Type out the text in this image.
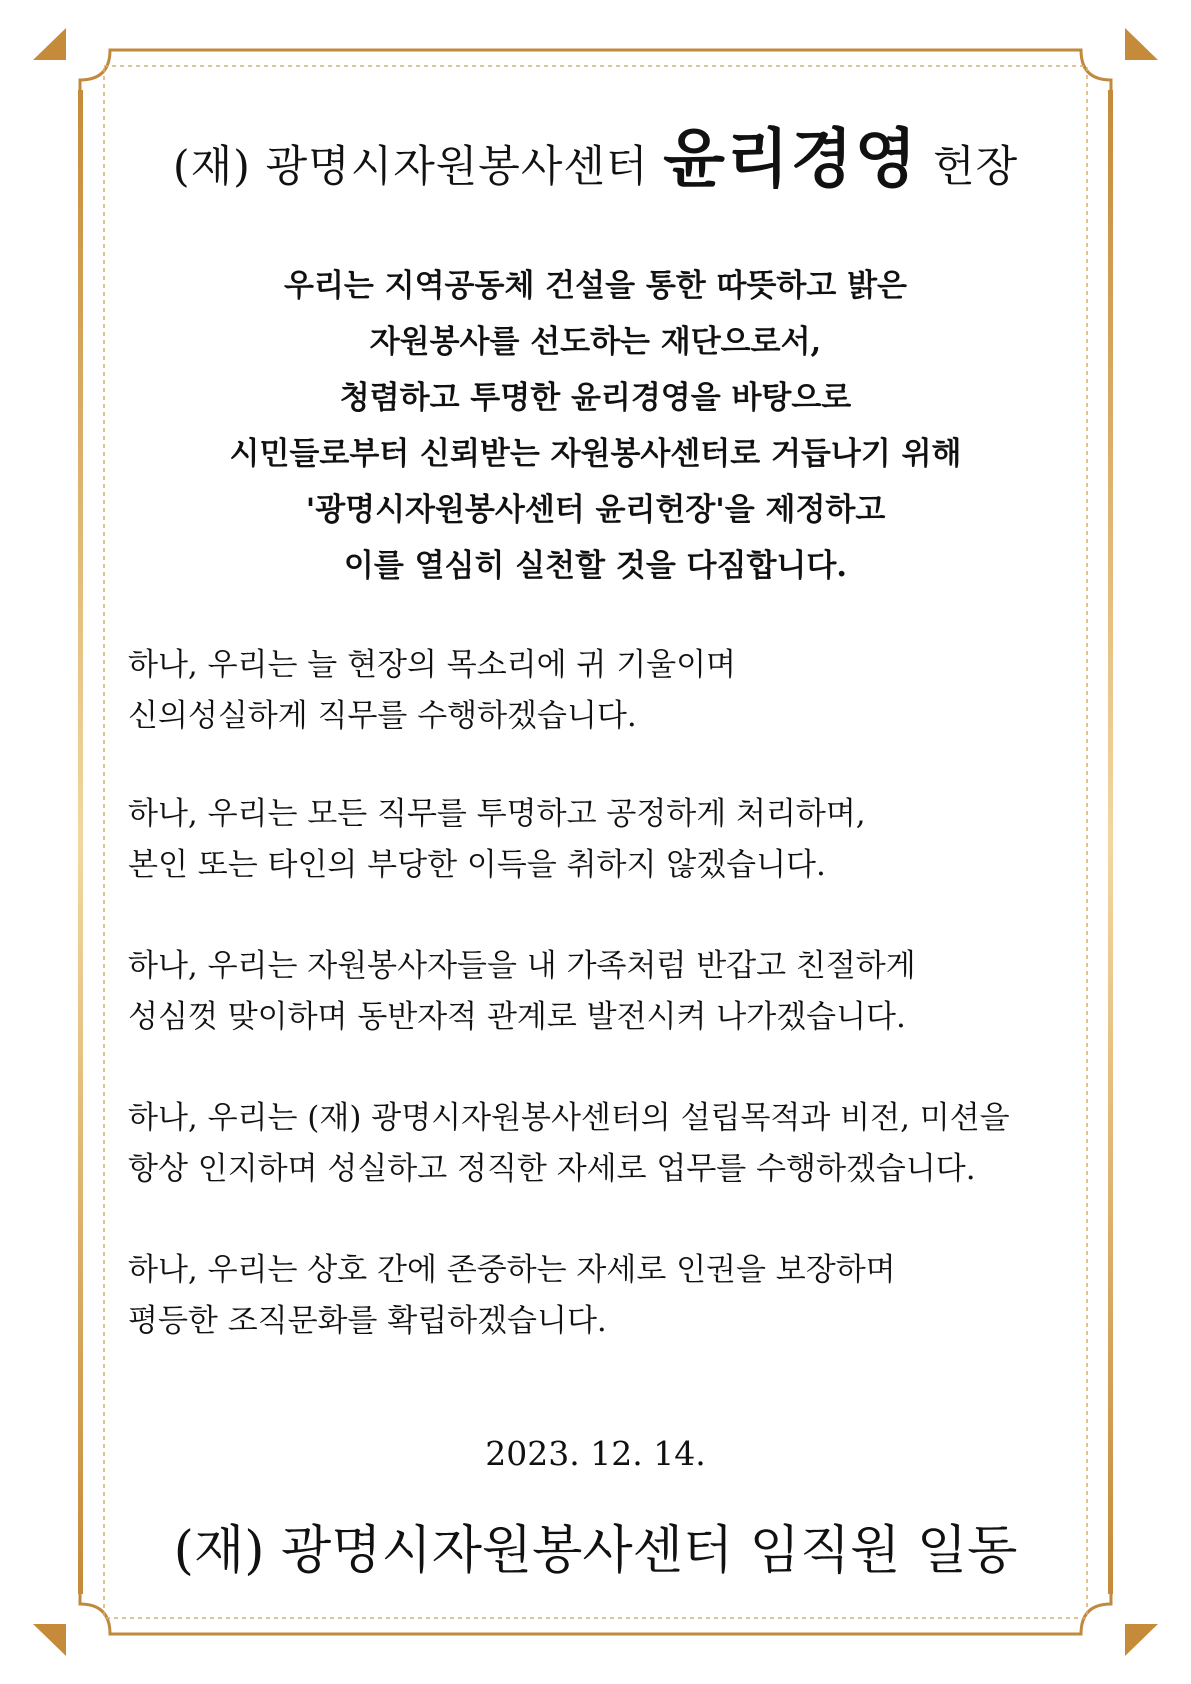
(재) 광명시자원봉사센터 윤리경영 헌장
우리는 지역공동체 건설을 통한 따뜻하고 밝은
자원봉사를 선도하는 재단으로서,
청렴하고 투명한 윤리경영을 바탕으로
시민들로부터 신뢰받는 자원봉사센터로 거듭나기 위해
'광명시자원봉사센터 윤리헌장'을 제정하고
이를 열심히 실천할 것을 다짐합니다.
하나, 우리는 늘 현장의 목소리에 귀 기울이며
신의성실하게 직무를 수행하겠습니다.
하나, 우리는 모든 직무를 투명하고 공정하게 처리하며,
본인 또는 타인의 부당한 이득을 취하지 않겠습니다.
하나, 우리는 자원봉사자들을 내 가족처럼 반갑고 친절하게
성심껏 맞이하며 동반자적 관계로 발전시켜 나가겠습니다.
하나, 우리는 (재) 광명시자원봉사센터의 설립목적과 비전, 미션을
항상 인지하며 성실하고 정직한 자세로 업무를 수행하겠습니다.
하나, 우리는 상호 간에 존중하는 자세로 인권을 보장하며
평등한 조직문화를 확립하겠습니다.
2023. 12. 14.
(재) 광명시자원봉사센터 임직원 일동
